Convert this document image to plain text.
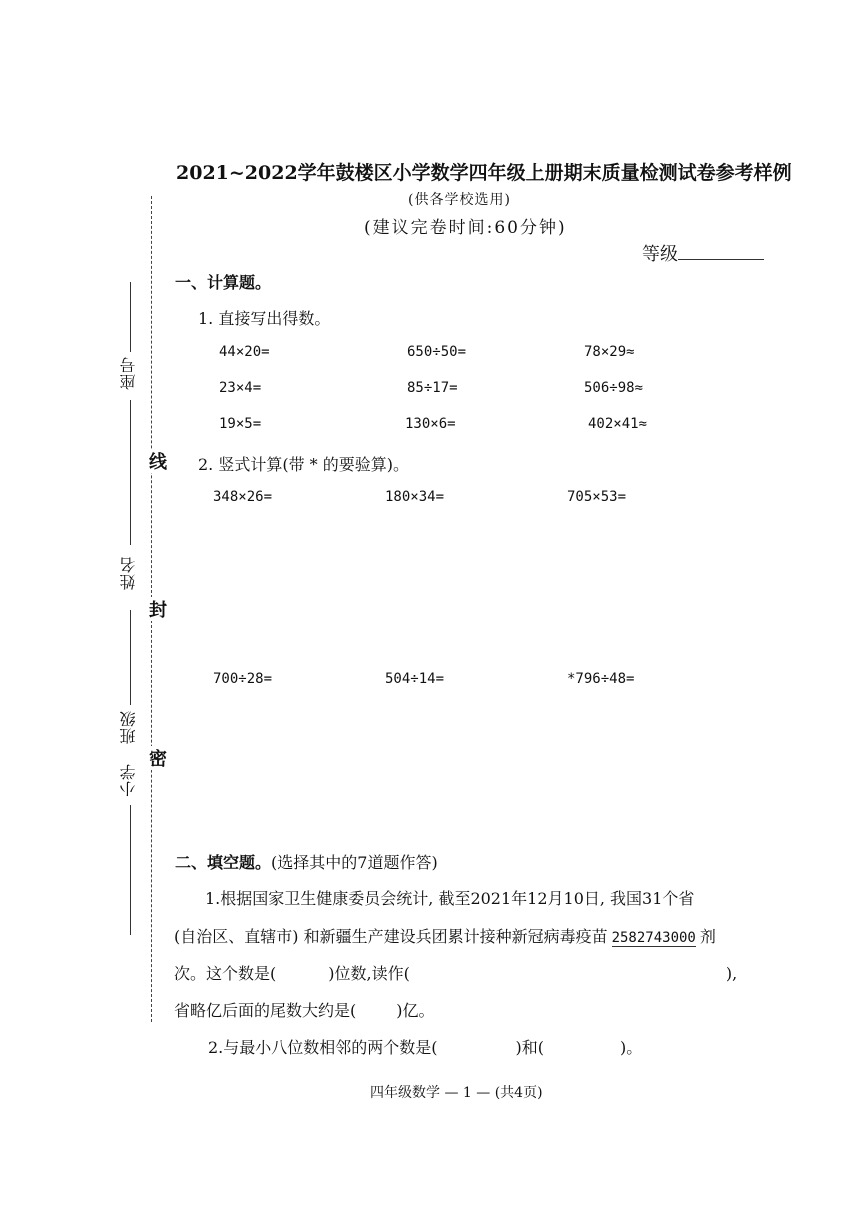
2021~2022学年鼓楼区小学数学四年级上册期末质量检测试卷参考样例
(供各学校选用)
(建议完卷时间:60分钟)
等级
座号
姓名
班级
小学
线
封
密
一、计算题。
1. 直接写出得数。
44×20=	650÷50=	78×29≈
23×4=	85÷17=	506÷98≈
19×5=	130×6=	402×41≈
2. 竖式计算(带 * 的要验算)。
348×26=	180×34=	705×53=
700÷28=	504÷14=	*796÷48=
二、填空题。(选择其中的7道题作答)
1.根据国家卫生健康委员会统计, 截至2021年12月10日, 我国31个省
(自治区、直辖市) 和新疆生产建设兵团累计接种新冠病毒疫苗 2582743000 剂
次。这个数是(	)位数,读作(	),
省略亿后面的尾数大约是(	)亿。
2.与最小八位数相邻的两个数是(	)和(	)。
四年级数学 — 1 — (共4页)
